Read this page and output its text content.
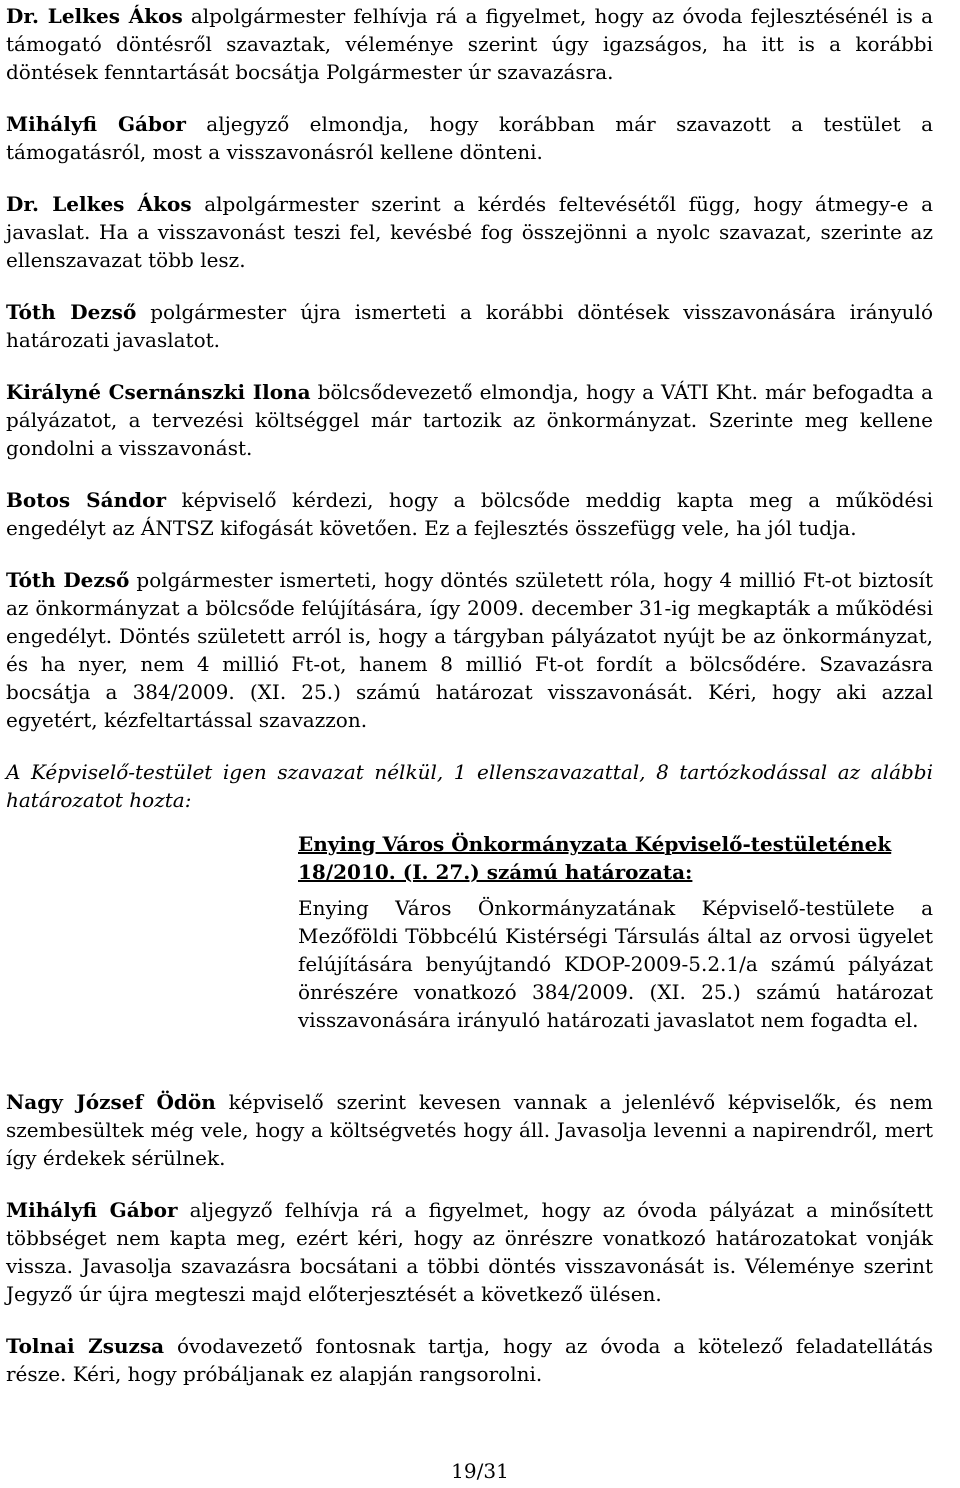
Dr. Lelkes Ákos alpolgármester felhívja rá a figyelmet, hogy az óvoda fejlesztésénél is a támogató döntésről szavaztak, véleménye szerint úgy igazságos, ha itt is a korábbi döntések fenntartását bocsátja Polgármester úr szavazásra.

Mihályfi Gábor aljegyző elmondja, hogy korábban már szavazott a testület a támogatásról, most a visszavonásról kellene dönteni.

Dr. Lelkes Ákos alpolgármester szerint a kérdés feltevésétől függ, hogy átmegy-e a javaslat. Ha a visszavonást teszi fel, kevésbé fog összejönni a nyolc szavazat, szerinte az ellenszavazat több lesz.

Tóth Dezső polgármester újra ismerteti a korábbi döntések visszavonására irányuló határozati javaslatot.

Királyné Csernánszki Ilona bölcsődevezető elmondja, hogy a VÁTI Kht. már befogadta a pályázatot, a tervezési költséggel már tartozik az önkormányzat. Szerinte meg kellene gondolni a visszavonást.

Botos Sándor képviselő kérdezi, hogy a bölcsőde meddig kapta meg a működési engedélyt az ÁNTSZ kifogását követően. Ez a fejlesztés összefügg vele, ha jól tudja.

Tóth Dezső polgármester ismerteti, hogy döntés született róla, hogy 4 millió Ft-ot biztosít az önkormányzat a bölcsőde felújítására, így 2009. december 31-ig megkapták a működési engedélyt. Döntés született arról is, hogy a tárgyban pályázatot nyújt be az önkormányzat, és ha nyer, nem 4 millió Ft-ot, hanem 8 millió Ft-ot fordít a bölcsődére. Szavazásra bocsátja a 384/2009. (XI. 25.) számú határozat visszavonását. Kéri, hogy aki azzal egyetért, kézfeltartással szavazzon.

A Képviselő-testület igen szavazat nélkül, 1 ellenszavazattal, 8 tartózkodással az alábbi határozatot hozta:

Enying Város Önkormányzata Képviselő-testületének

18/2010. (I. 27.) számú határozata:

Enying Város Önkormányzatának Képviselő-testülete a Mezőföldi Többcélú Kistérségi Társulás által az orvosi ügyelet felújítására benyújtandó KDOP-2009-5.2.1/a számú pályázat önrészére vonatkozó 384/2009. (XI. 25.) számú határozat visszavonására irányuló határozati javaslatot nem fogadta el.

Nagy József Ödön képviselő szerint kevesen vannak a jelenlévő képviselők, és nem szembesültek még vele, hogy a költségvetés hogy áll. Javasolja levenni a napirendről, mert így érdekek sérülnek.

Mihályfi Gábor aljegyző felhívja rá a figyelmet, hogy az óvoda pályázat a minősített többséget nem kapta meg, ezért kéri, hogy az önrészre vonatkozó határozatokat vonják vissza. Javasolja szavazásra bocsátani a többi döntés visszavonását is. Véleménye szerint Jegyző úr újra megteszi majd előterjesztését a következő ülésen.

Tolnai Zsuzsa óvodavezető fontosnak tartja, hogy az óvoda a kötelező feladatellátás része. Kéri, hogy próbáljanak ez alapján rangsorolni.

19/31
